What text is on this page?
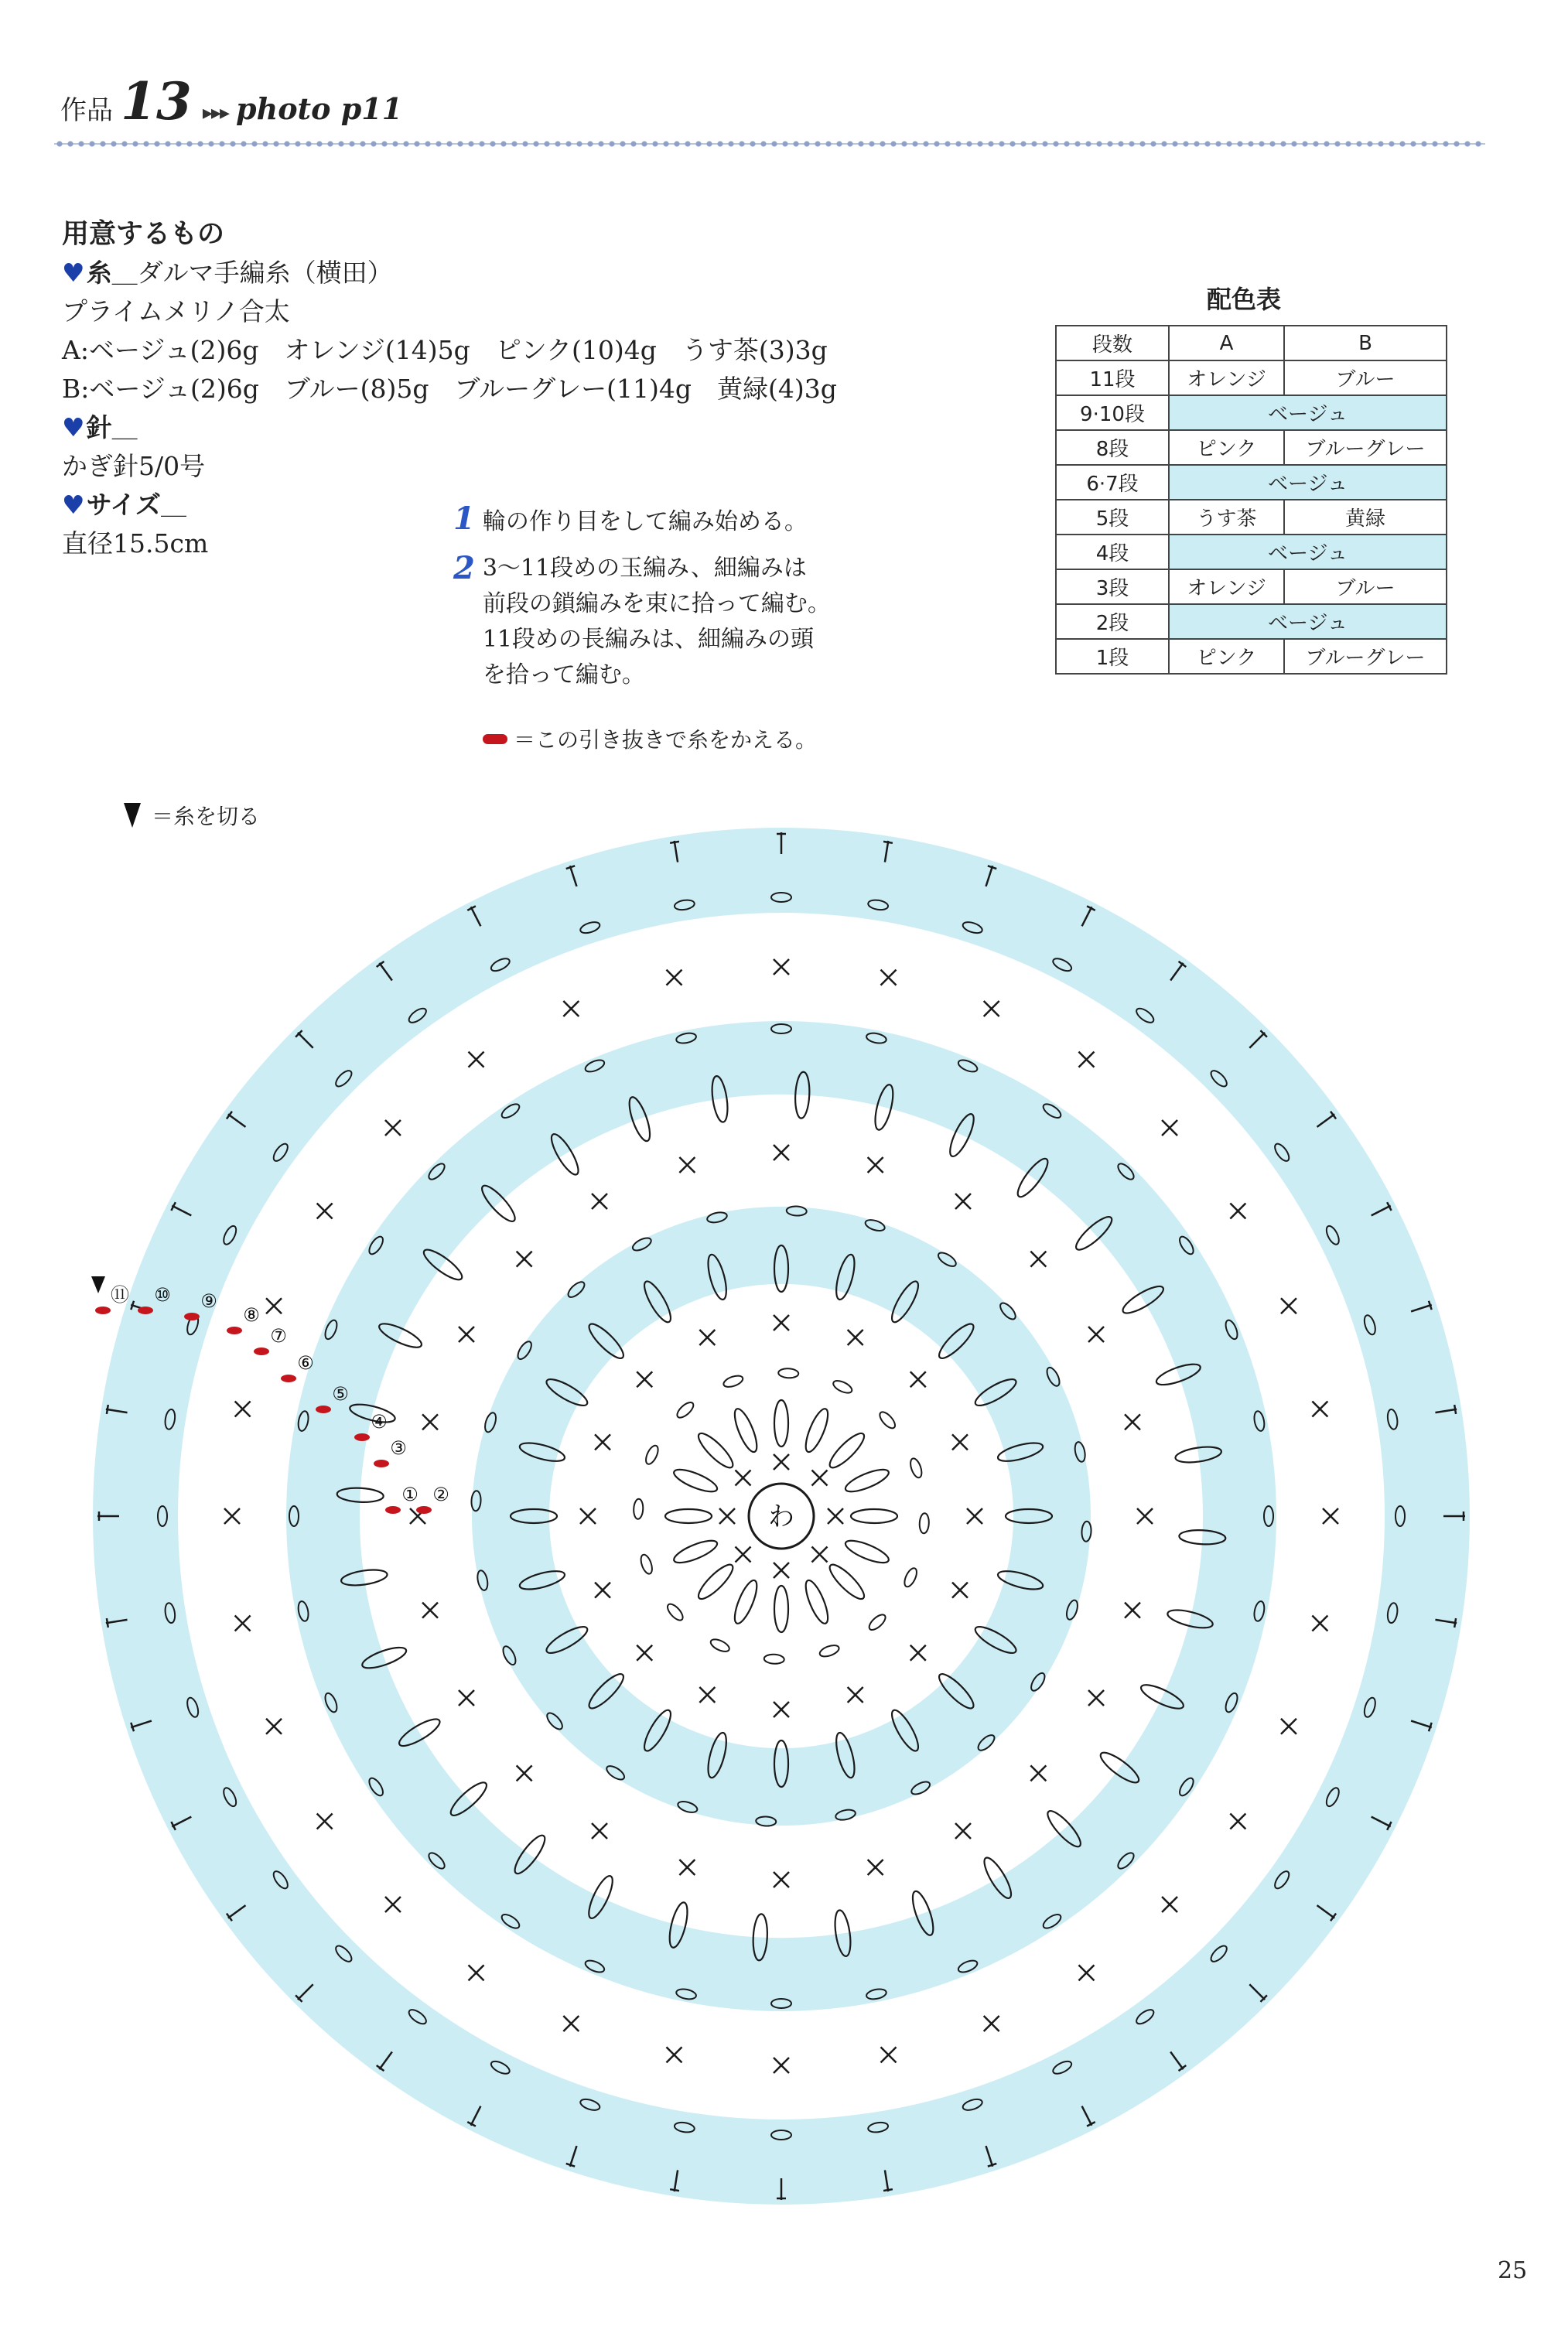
作品 13 ▸▸▸ photo p11
用意するもの
♥糸＿ダルマ手編糸（横田）
プライムメリノ合太
A:ベージュ(2)6g　オレンジ(14)5g　ピンク(10)4g　うす茶(3)3g
B:ベージュ(2)6g　ブルー(8)5g　ブルーグレー(11)4g　黄緑(4)3g
♥針＿
かぎ針5/0号
♥サイズ＿
直径15.5cm
1 輪の作り目をして編み始める。
2 3〜11段めの玉編み、細編みは
前段の鎖編みを束に拾って編む。
11段めの長編みは、細編みの頭
を拾って編む。
＝この引き抜きで糸をかえる。
配色表
段数	A	B
11段	オレンジ	ブルー
9·10段	ベージュ	
8段	ピンク	ブルーグレー
6·7段	ベージュ	
5段	うす茶	黄緑
4段	ベージュ	
3段	オレンジ	ブルー
2段	ベージュ	
1段	ピンク	ブルーグレー
＝糸を切る
わ
① ②
③
④
⑤
⑥
⑦
⑧
⑨
⑩
⑪
25
